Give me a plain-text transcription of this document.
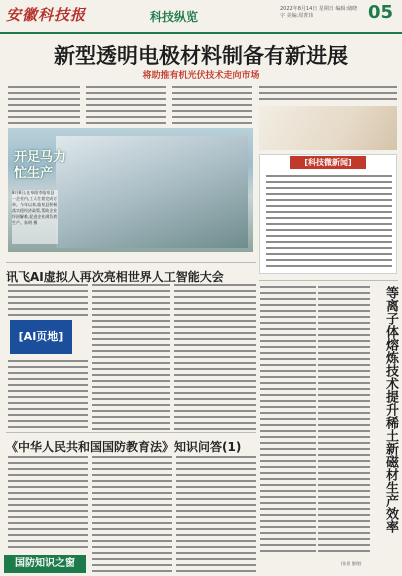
安徽科技报	科技纵览
2022年8月14日 星期日 编辑:储晓宇 美编:周菁玮	05
新型透明电极材料制备有新进展
将助推有机光伏技术走向市场
开足马力
忙生产
8月8日,在阜阳市临泉县一企业内,工人忙着完成订单。今年以来,临泉县积极落实稳经济政策,帮助企业纾困解难,促进企业满负荷生产。朱明 摄
[科技微新闻]
讯飞AI虚拟人再次亮相世界人工智能大会
[AI页地]
《中华人民共和国国防教育法》知识问答(1)
国防知识之窗
等离子体熔炼技术提升稀土新磁材生产效率
(张景 整理)
